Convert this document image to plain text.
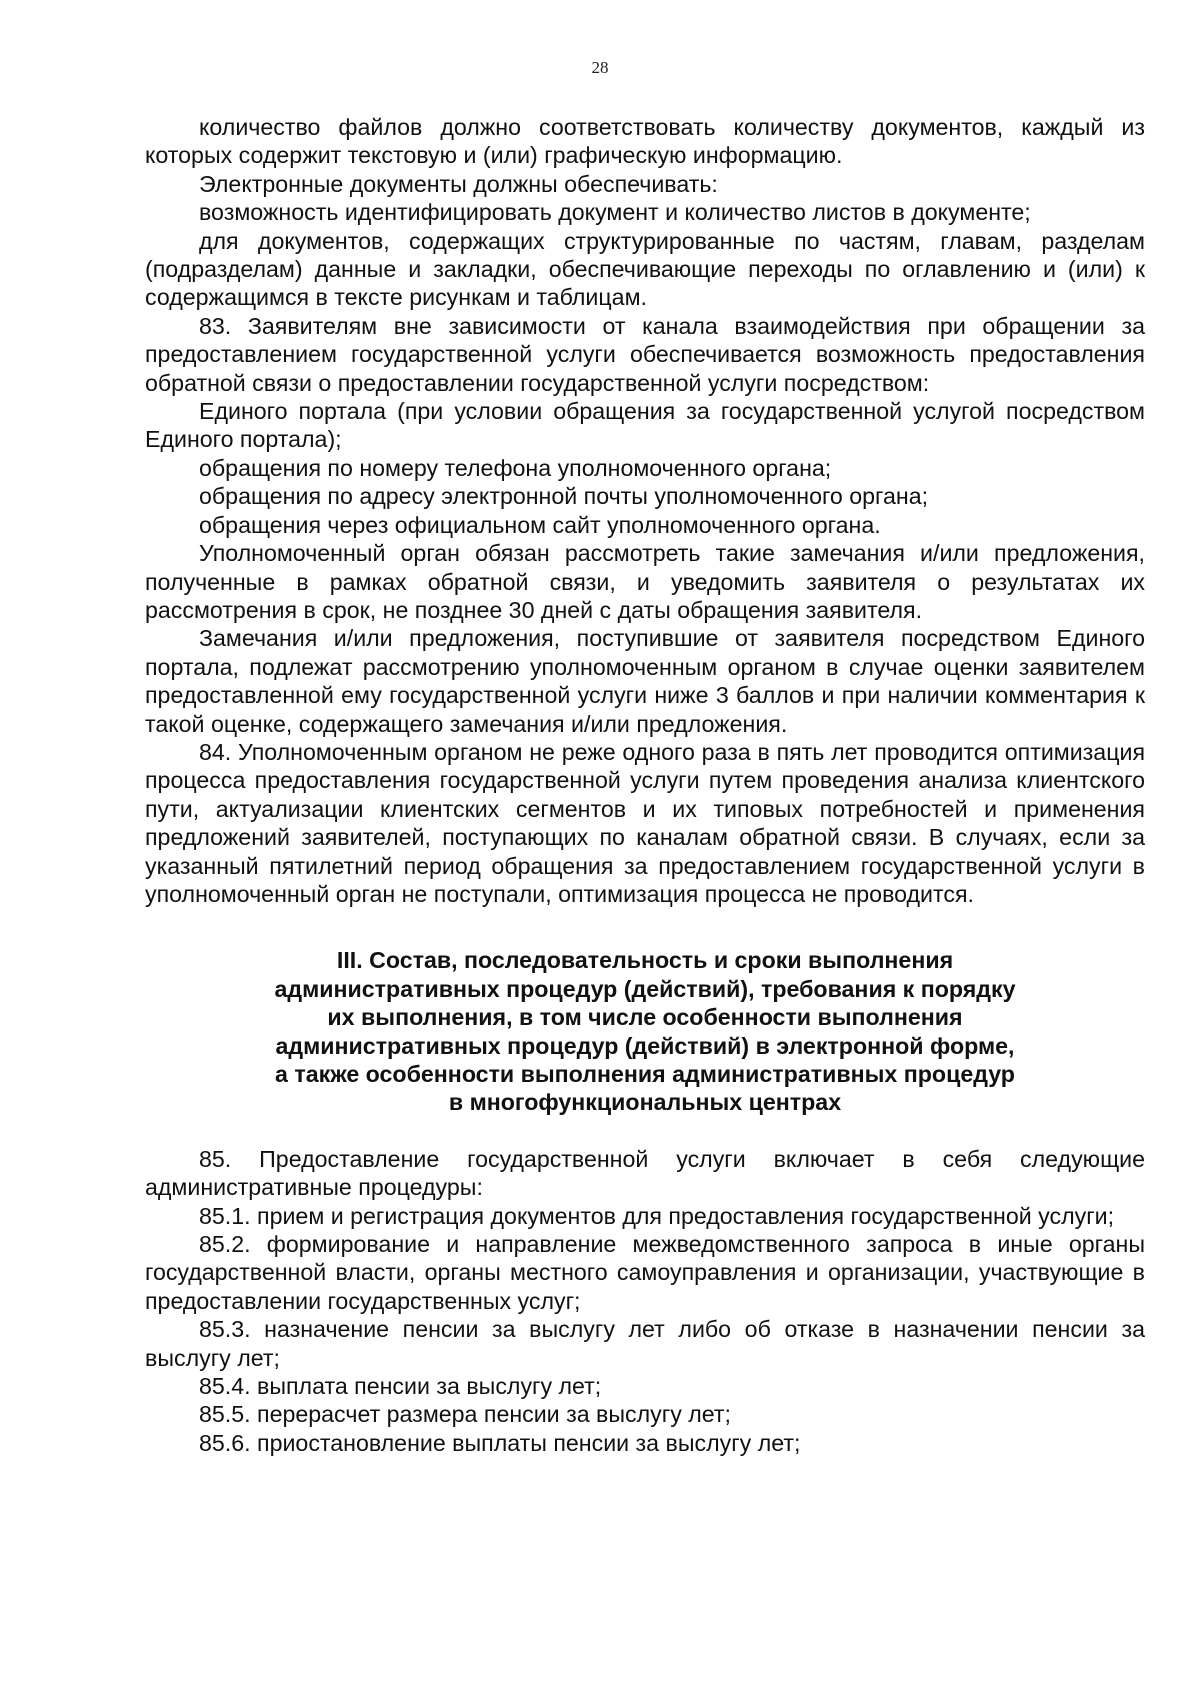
28

количество файлов должно соответствовать количеству документов, каждый из которых содержит текстовую и (или) графическую информацию.

Электронные документы должны обеспечивать:

возможность идентифицировать документ и количество листов в документе;

для документов, содержащих структурированные по частям, главам, разделам (подразделам) данные и закладки, обеспечивающие переходы по оглавлению и (или) к содержащимся в тексте рисункам и таблицам.

83. Заявителям вне зависимости от канала взаимодействия при обращении за предоставлением государственной услуги обеспечивается возможность предоставления обратной связи о предоставлении государственной услуги посредством:

Единого портала (при условии обращения за государственной услугой посредством Единого портала);

обращения по номеру телефона уполномоченного органа;

обращения по адресу электронной почты уполномоченного органа;

обращения через официальном сайт уполномоченного органа.

Уполномоченный орган обязан рассмотреть такие замечания и/или предложения, полученные в рамках обратной связи, и уведомить заявителя о результатах их рассмотрения в срок, не позднее 30 дней с даты обращения заявителя.

Замечания и/или предложения, поступившие от заявителя посредством Единого портала, подлежат рассмотрению уполномоченным органом в случае оценки заявителем предоставленной ему государственной услуги ниже 3 баллов и при наличии комментария к такой оценке, содержащего замечания и/или предложения.

84. Уполномоченным органом не реже одного раза в пять лет проводится оптимизация процесса предоставления государственной услуги путем проведения анализа клиентского пути, актуализации клиентских сегментов и их типовых потребностей и применения предложений заявителей, поступающих по каналам обратной связи. В случаях, если за указанный пятилетний период обращения за предоставлением государственной услуги в уполномоченный орган не поступали, оптимизация процесса не проводится.

III. Состав, последовательность и сроки выполнения
административных процедур (действий), требования к порядку
их выполнения, в том числе особенности выполнения
административных процедур (действий) в электронной форме,
а также особенности выполнения административных процедур
в многофункциональных центрах

85. Предоставление государственной услуги включает в себя следующие административные процедуры:

85.1. прием и регистрация документов для предоставления государственной услуги;

85.2. формирование и направление межведомственного запроса в иные органы государственной власти, органы местного самоуправления и организации, участвующие в предоставлении государственных услуг;

85.3. назначение пенсии за выслугу лет либо об отказе в назначении пенсии за выслугу лет;

85.4. выплата пенсии за выслугу лет;

85.5. перерасчет размера пенсии за выслугу лет;

85.6. приостановление выплаты пенсии за выслугу лет;
